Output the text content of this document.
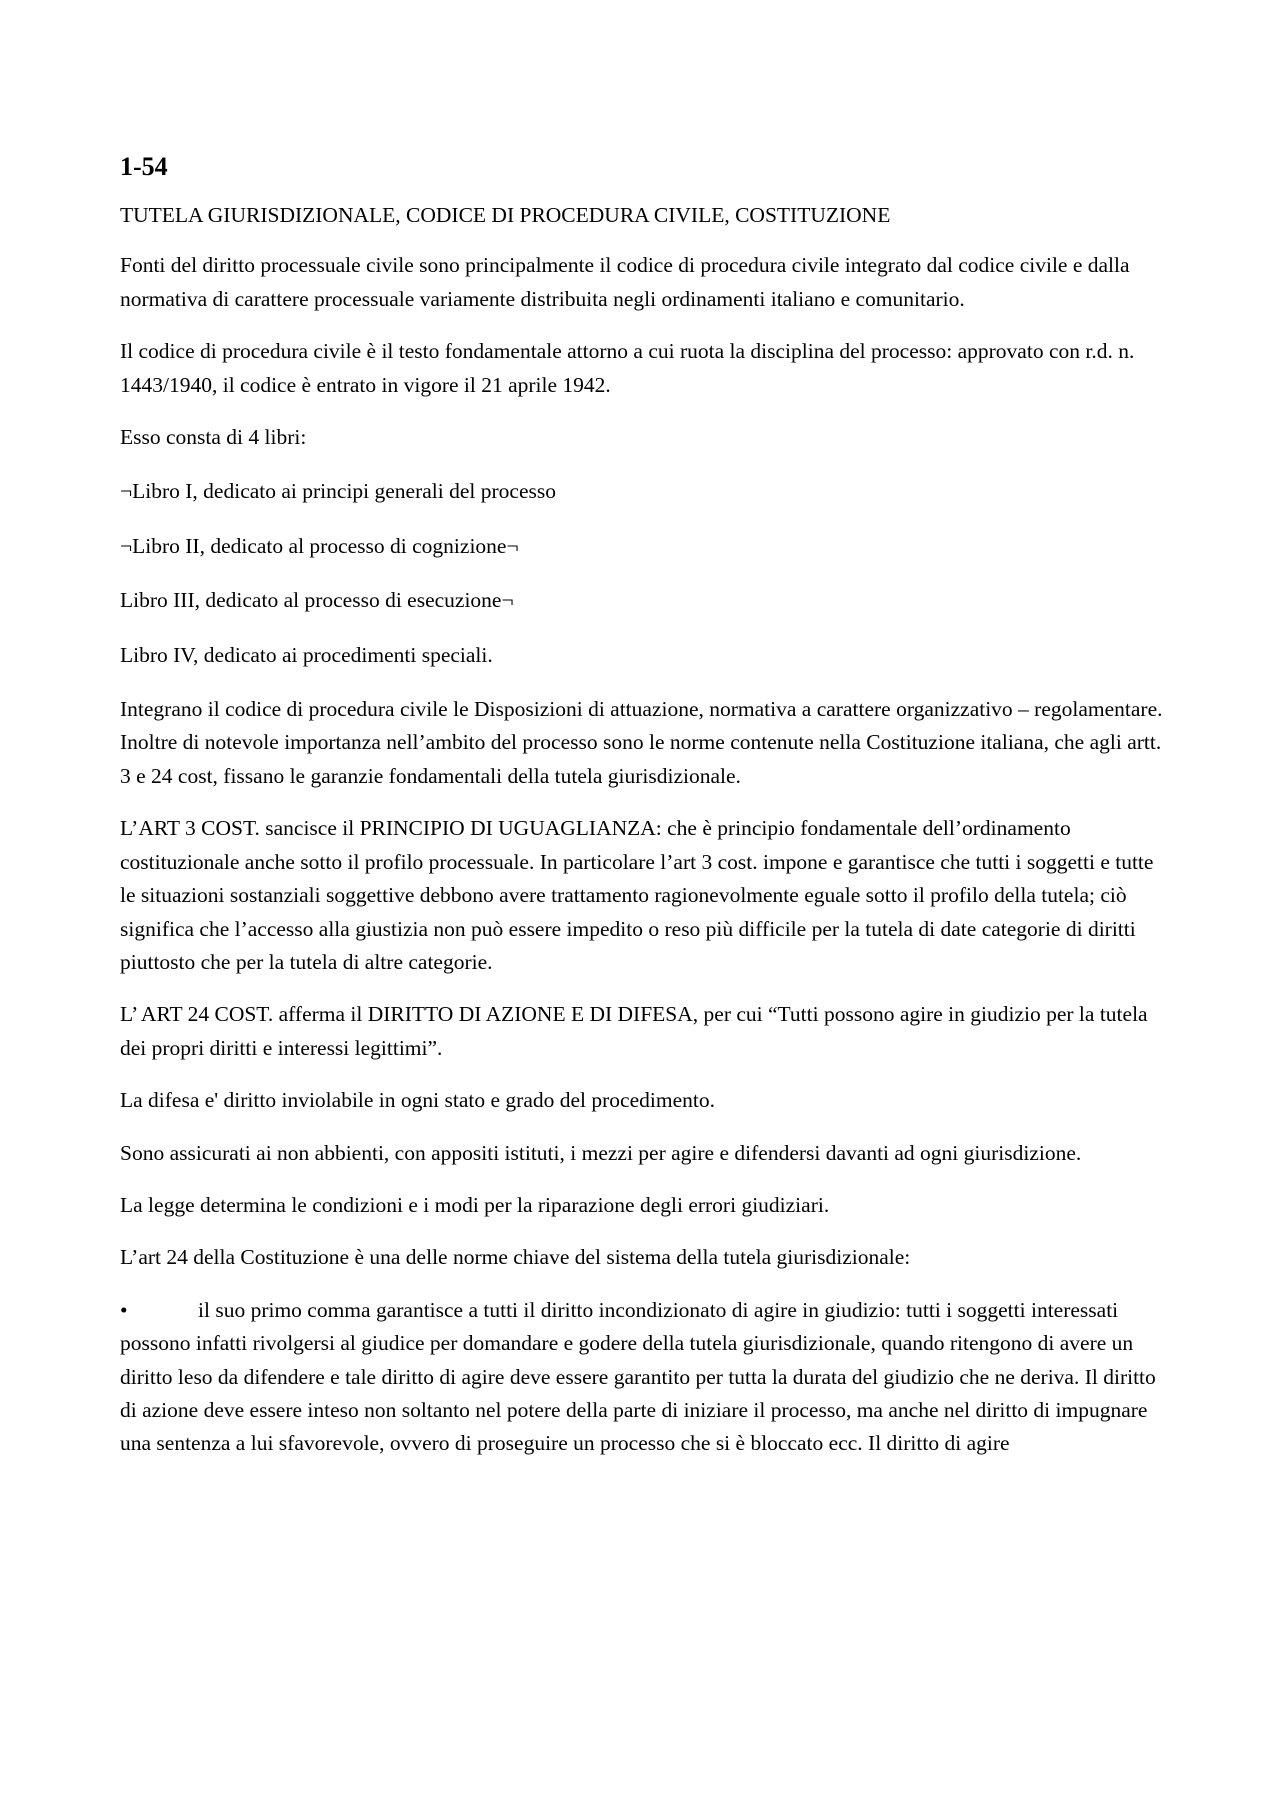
1-54

TUTELA GIURISDIZIONALE, CODICE DI PROCEDURA CIVILE, COSTITUZIONE

Fonti del diritto processuale civile sono principalmente il codice di procedura civile integrato dal codice civile e dalla normativa di carattere processuale variamente distribuita negli ordinamenti italiano e comunitario.

Il codice di procedura civile è il testo fondamentale attorno a cui ruota la disciplina del processo: approvato con r.d. n. 1443/1940, il codice è entrato in vigore il 21 aprile 1942.

Esso consta di 4 libri:

¬Libro I, dedicato ai principi generali del processo

¬Libro II, dedicato al processo di cognizione¬

Libro III, dedicato al processo di esecuzione¬

Libro IV, dedicato ai procedimenti speciali.

Integrano il codice di procedura civile le Disposizioni di attuazione, normativa a carattere organizzativo – regolamentare. Inoltre di notevole importanza nell’ambito del processo sono le norme contenute nella Costituzione italiana, che agli artt. 3 e 24 cost, fissano le garanzie fondamentali della tutela giurisdizionale.

L’ART 3 COST. sancisce il PRINCIPIO DI UGUAGLIANZA: che è principio fondamentale dell’ordinamento costituzionale anche sotto il profilo processuale. In particolare l’art 3 cost. impone e garantisce che tutti i soggetti e tutte le situazioni sostanziali soggettive debbono avere trattamento ragionevolmente eguale sotto il profilo della tutela; ciò significa che l’accesso alla giustizia non può essere impedito o reso più difficile per la tutela di date categorie di diritti piuttosto che per la tutela di altre categorie.

L’ ART 24 COST. afferma il DIRITTO DI AZIONE E DI DIFESA, per cui “Tutti possono agire in giudizio per la tutela dei propri diritti e interessi legittimi”.

La difesa e' diritto inviolabile in ogni stato e grado del procedimento.

Sono assicurati ai non abbienti, con appositi istituti, i mezzi per agire e difendersi davanti ad ogni giurisdizione.

La legge determina le condizioni e i modi per la riparazione degli errori giudiziari.

L’art 24 della Costituzione è una delle norme chiave del sistema della tutela giurisdizionale:

•	il suo primo comma garantisce a tutti il diritto incondizionato di agire in giudizio: tutti i soggetti interessati possono infatti rivolgersi al giudice per domandare e godere della tutela giurisdizionale, quando ritengono di avere un diritto leso da difendere e tale diritto di agire deve essere garantito per tutta la durata del giudizio che ne deriva. Il diritto di azione deve essere inteso non soltanto nel potere della parte di iniziare il processo, ma anche nel diritto di impugnare una sentenza a lui sfavorevole, ovvero di proseguire un processo che si è bloccato ecc. Il diritto di agire
